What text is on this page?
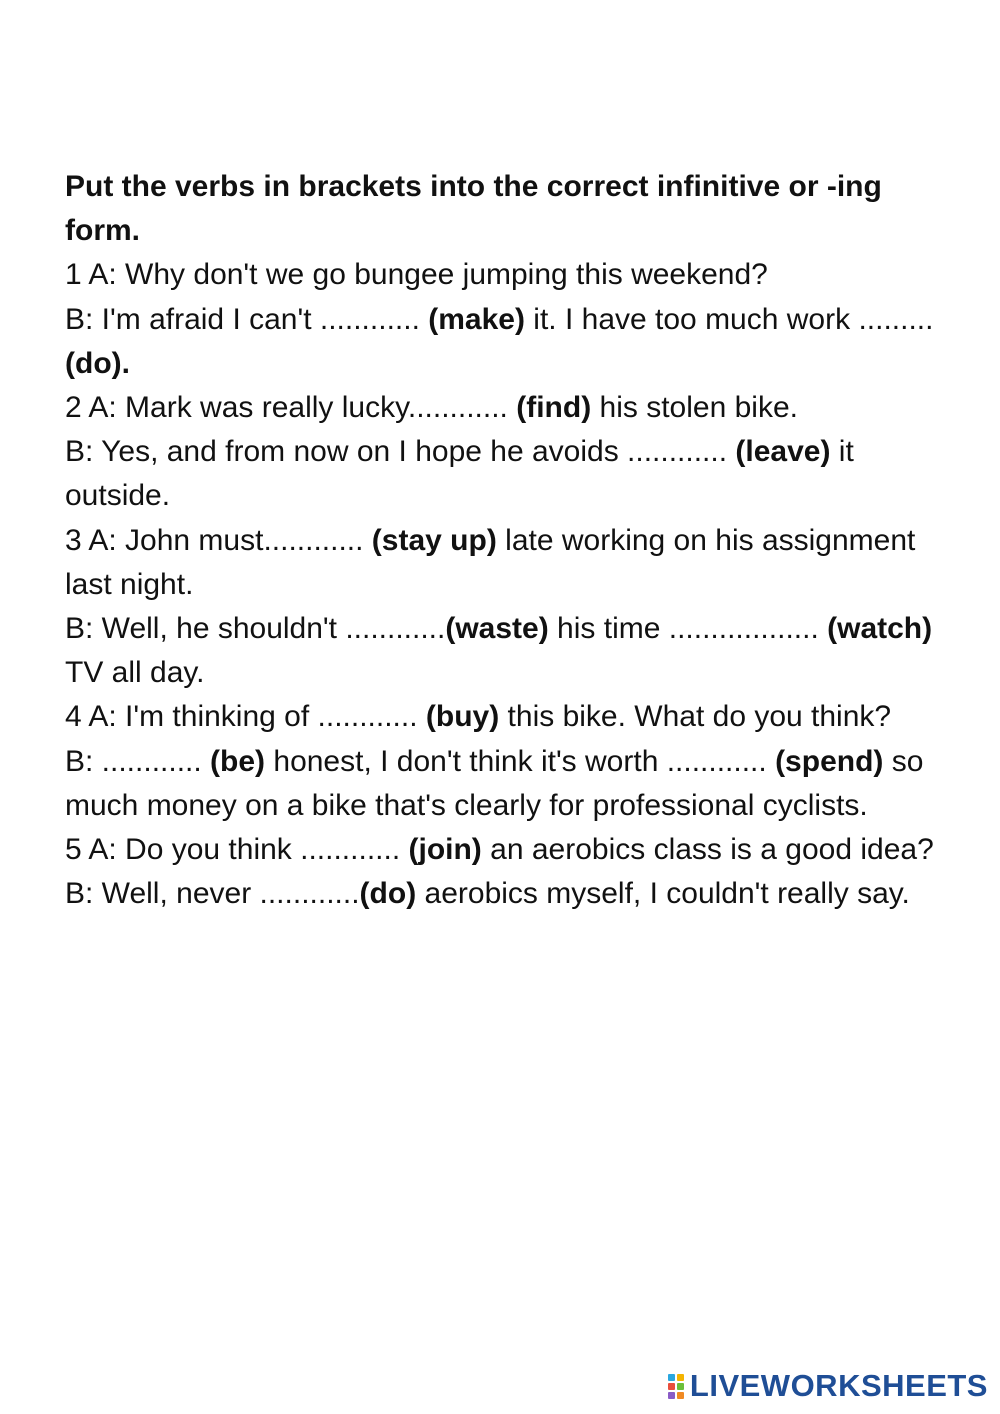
Put the verbs in brackets into the correct infinitive or -ing form.

1 A: Why don't we go bungee jumping this weekend?

B: I'm afraid I can't ............ (make) it. I have too much work ......... (do).

2 A: Mark was really lucky............ (find) his stolen bike.

B: Yes, and from now on I hope he avoids ............ (leave) it outside.

3 A: John must............ (stay up) late working on his assignment last night.

B: Well, he shouldn't ............(waste) his time .................. (watch) TV all day.

4 A: I'm thinking of ............ (buy) this bike. What do you think?

B: ............ (be) honest, I don't think it's worth ............ (spend) so much money on a bike that's clearly for professional cyclists.

5 A: Do you think ............ (join) an aerobics class is a good idea?

B: Well, never ............(do) aerobics myself, I couldn't really say.

LIVEWORKSHEETS
